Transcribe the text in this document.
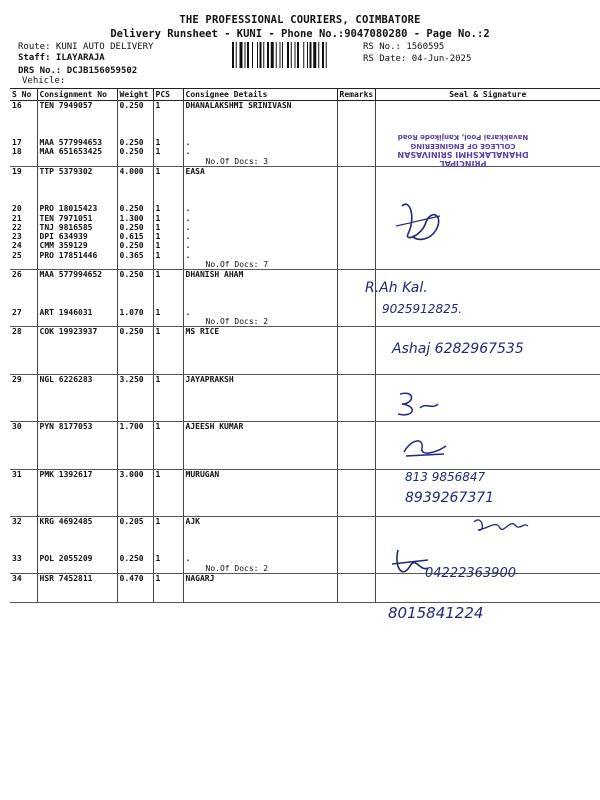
THE PROFESSIONAL COURIERS, COIMBATORE
Delivery Runsheet - KUNI - Phone No.:9047080280 - Page No.:2
Route: KUNI AUTO DELIVERY
Staff: ILAYARAJA
DRS No.: DCJB156059502
Vehicle:
RS No.: 1560595
RS Date: 04-Jun-2025
S No	Consignment No	Weight	PCS	Consignee Details	Remarks	Seal & Signature

16	TEN 7949057	0.250	1	DHANALAKSHMI SRINIVASN		

17	MAA 577994653	0.250	1	.		

18	MAA 651653425	0.250	1	.
No.Of Docs: 3		

19	TTP 5379302	4.000	1	EASA		

20	PRO 18015423	0.250	1	.		

21	TEN 7971051	1.300	1	.		

22	TNJ 9816585	0.250	1	.		

23	DPI 634939	0.615	1	.		

24	CMM 359129	0.250	1	.		

25	PRO 17851446	0.365	1	.
No.Of Docs: 7		

26	MAA 577994652	0.250	1	DHANISH AHAM		

27	ART 1946031	1.070	1	.
No.Of Docs: 2		

28	COK 19923937	0.250	1	MS RICE		

29	NGL 6226283	3.250	1	JAYAPRAKSH		

30	PYN 8177053	1.700	1	AJEESH KUMAR		

31	PMK 1392617	3.000	1	MURUGAN		

32	KRG 4692485	0.205	1	AJK		

33	POL 2055209	0.250	1	.
No.Of Docs: 2		

34	HSR 7452811	0.470	1	NAGARJ		

PRINCIPAL
DHANALAKSHMI SRINIVASAN
COLLEGE OF ENGINEERING
Navakkarai Pool, Kanjikode Road
R.Ah Kal.
9025912825.
Ashaj 6282967535
813 9856847
8939267371
04222363900
8015841224
